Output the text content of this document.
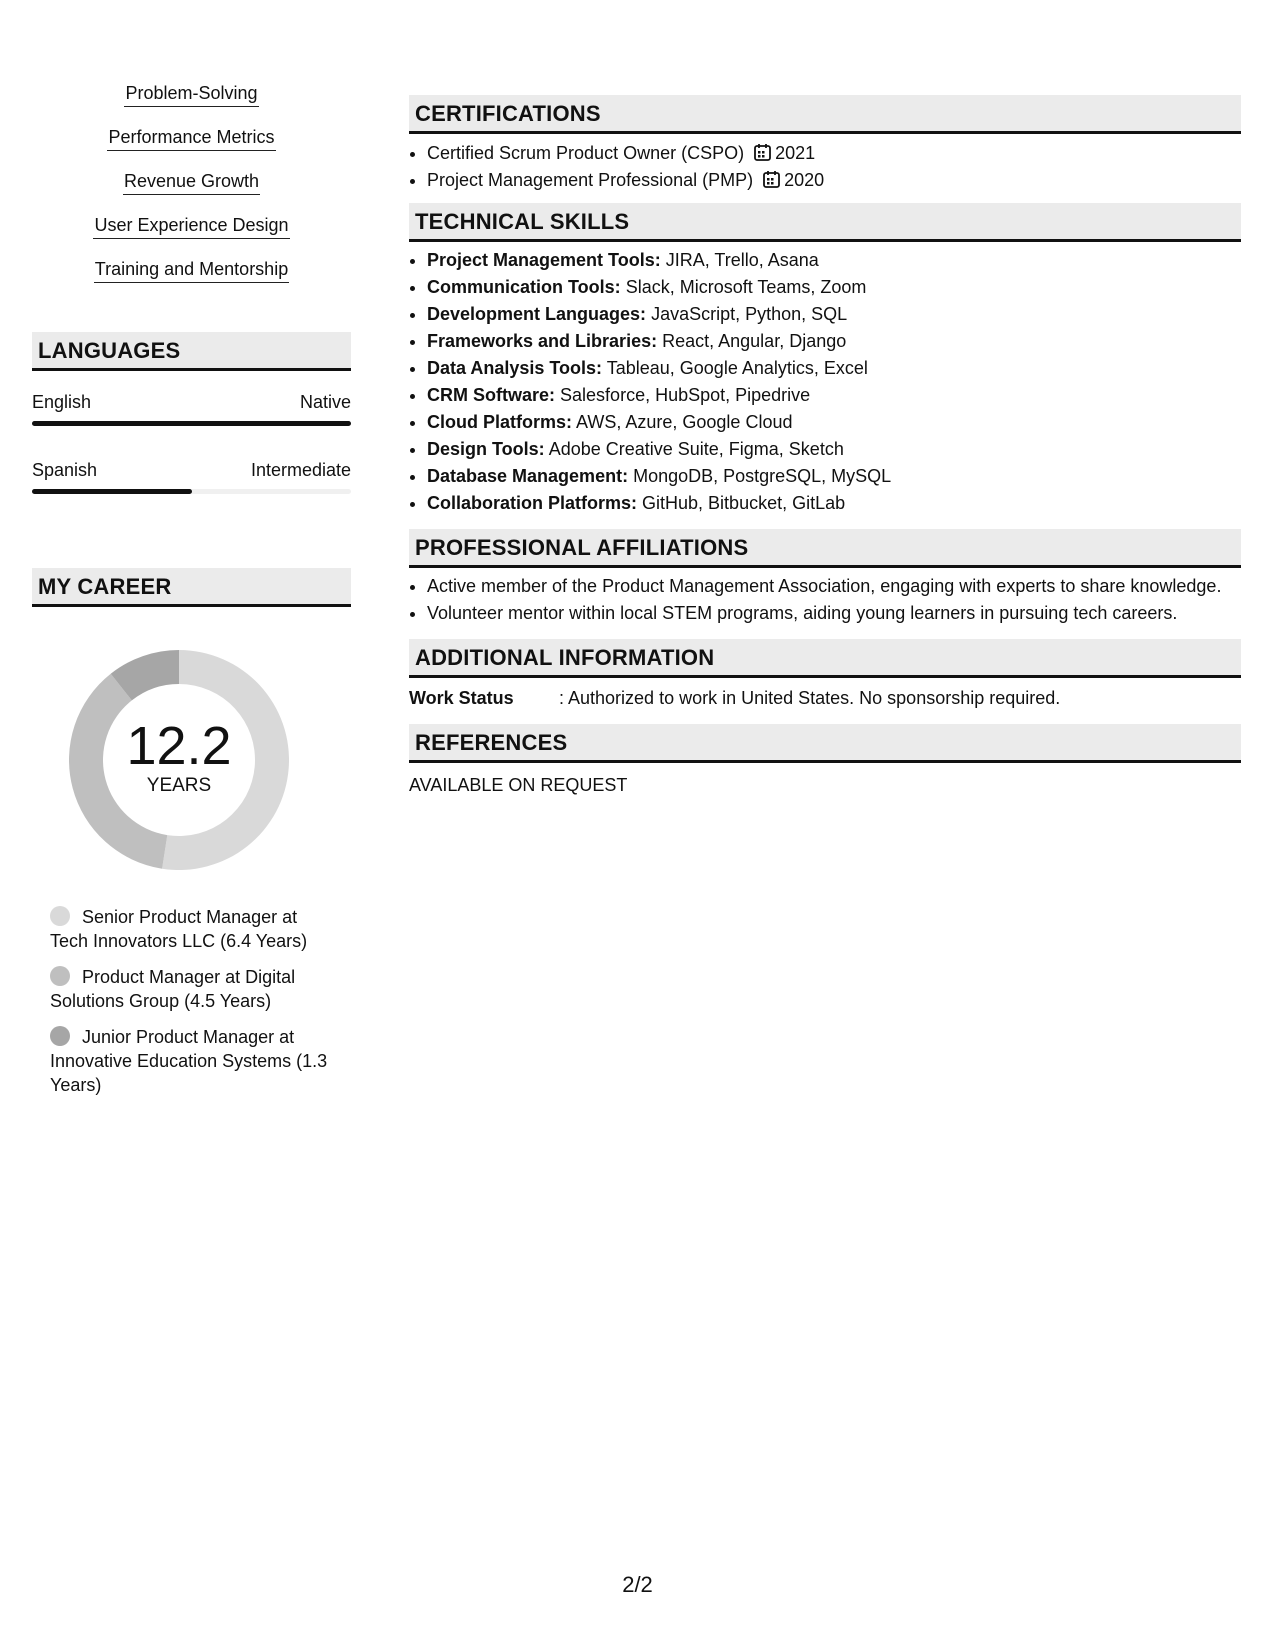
Problem-Solving
Performance Metrics
Revenue Growth
User Experience Design
Training and Mentorship
LANGUAGES
English	Native
Spanish	Intermediate
MY CAREER
12.2
YEARS
Senior Product Manager at Tech Innovators LLC (6.4 Years)
Product Manager at Digital Solutions Group (4.5 Years)
Junior Product Manager at Innovative Education Systems (1.3 Years)
CERTIFICATIONS
• Certified Scrum Product Owner (CSPO) 2021
• Project Management Professional (PMP) 2020
TECHNICAL SKILLS
• Project Management Tools: JIRA, Trello, Asana
• Communication Tools: Slack, Microsoft Teams, Zoom
• Development Languages: JavaScript, Python, SQL
• Frameworks and Libraries: React, Angular, Django
• Data Analysis Tools: Tableau, Google Analytics, Excel
• CRM Software: Salesforce, HubSpot, Pipedrive
• Cloud Platforms: AWS, Azure, Google Cloud
• Design Tools: Adobe Creative Suite, Figma, Sketch
• Database Management: MongoDB, PostgreSQL, MySQL
• Collaboration Platforms: GitHub, Bitbucket, GitLab
PROFESSIONAL AFFILIATIONS
• Active member of the Product Management Association, engaging with experts to share knowledge.
• Volunteer mentor within local STEM programs, aiding young learners in pursuing tech careers.
ADDITIONAL INFORMATION
Work Status	: Authorized to work in United States. No sponsorship required.
REFERENCES
AVAILABLE ON REQUEST
2/2
